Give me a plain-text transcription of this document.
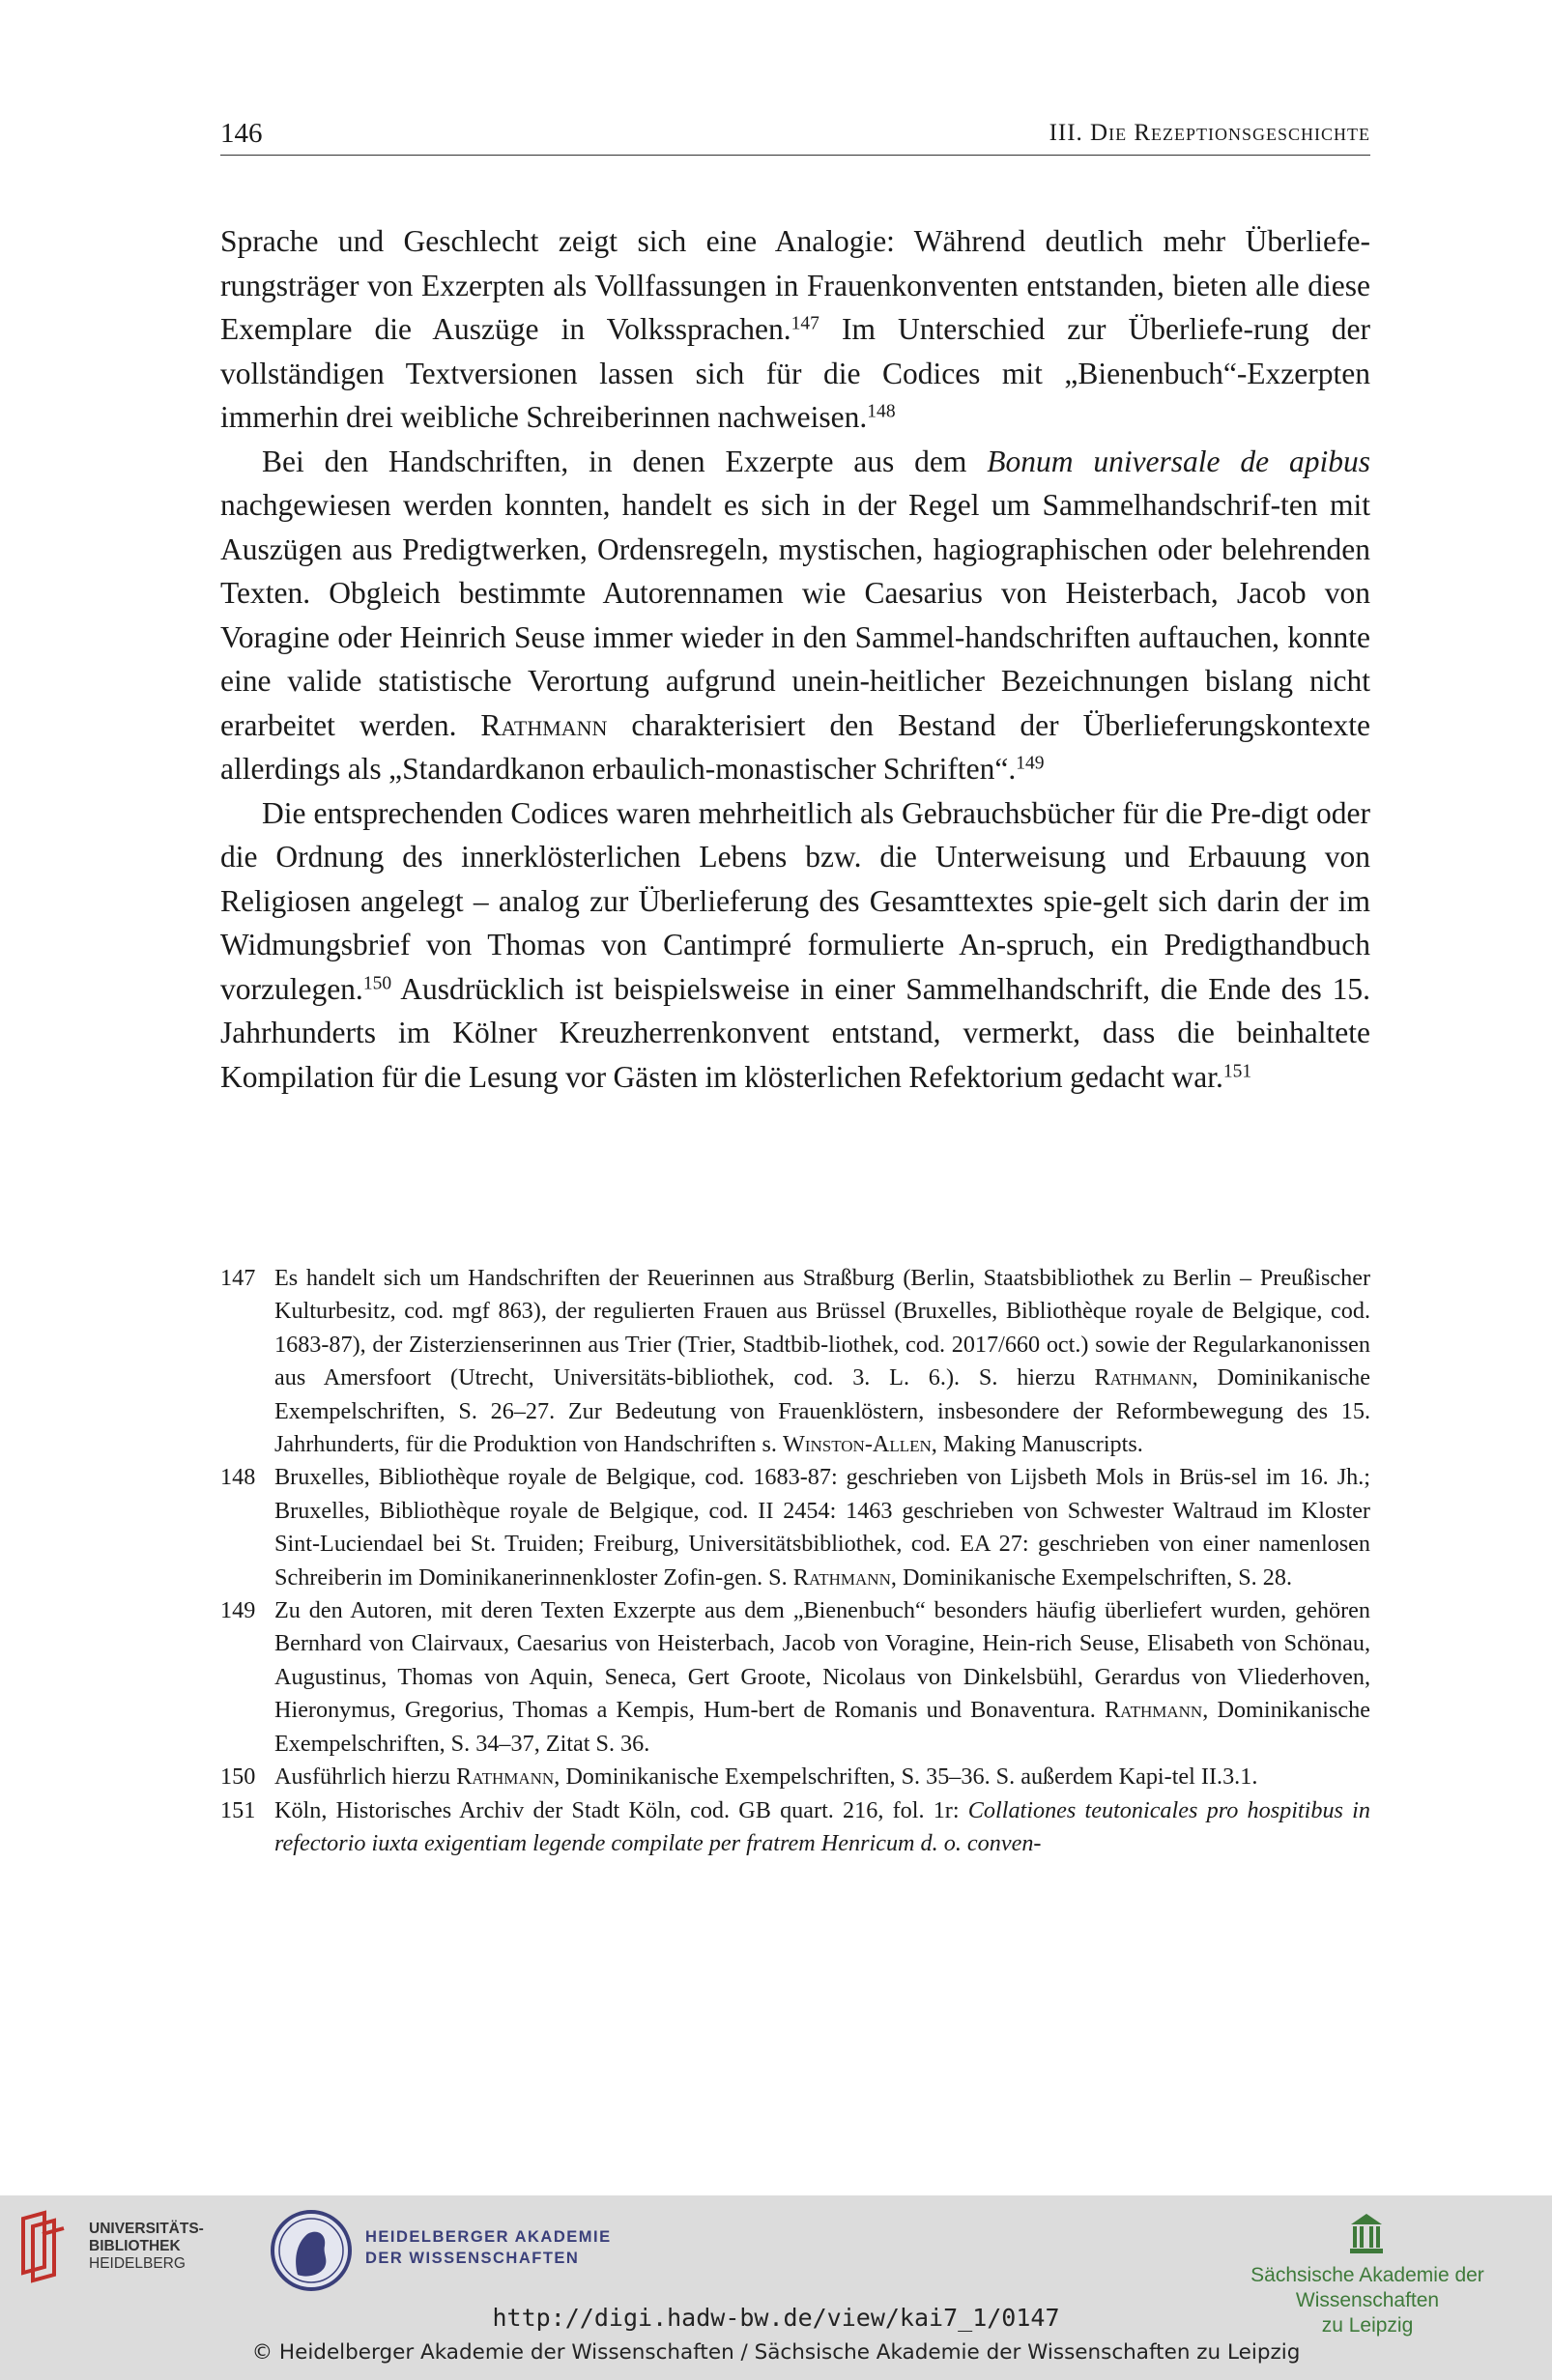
146	III. Die Rezeptionsgeschichte

Sprache und Geschlecht zeigt sich eine Analogie: Während deutlich mehr Überliefe-rungsträger von Exzerpten als Vollfassungen in Frauenkonventen entstanden, bieten alle diese Exemplare die Auszüge in Volkssprachen.$^{147}$ Im Unterschied zur Überliefe-rung der vollständigen Textversionen lassen sich für die Codices mit „Bienenbuch“-Exzerpten immerhin drei weibliche Schreiberinnen nachweisen.$^{148}$

Bei den Handschriften, in denen Exzerpte aus dem Bonum universale de apibus nachgewiesen werden konnten, handelt es sich in der Regel um Sammelhandschrif-ten mit Auszügen aus Predigtwerken, Ordensregeln, mystischen, hagiographischen oder belehrenden Texten. Obgleich bestimmte Autorennamen wie Caesarius von Heisterbach, Jacob von Voragine oder Heinrich Seuse immer wieder in den Sammel-handschriften auftauchen, konnte eine valide statistische Verortung aufgrund unein-heitlicher Bezeichnungen bislang nicht erarbeitet werden. Rathmann charakterisiert den Bestand der Überlieferungskontexte allerdings als „Standardkanon erbaulich-monastischer Schriften“.$^{149}$

Die entsprechenden Codices waren mehrheitlich als Gebrauchsbücher für die Pre-digt oder die Ordnung des innerklösterlichen Lebens bzw. die Unterweisung und Erbauung von Religiosen angelegt – analog zur Überlieferung des Gesamttextes spie-gelt sich darin der im Widmungsbrief von Thomas von Cantimpré formulierte An-spruch, ein Predigthandbuch vorzulegen.$^{150}$ Ausdrücklich ist beispielsweise in einer Sammelhandschrift, die Ende des 15. Jahrhunderts im Kölner Kreuzherrenkonvent entstand, vermerkt, dass die beinhaltete Kompilation für die Lesung vor Gästen im klösterlichen Refektorium gedacht war.$^{151}$

147 Es handelt sich um Handschriften der Reuerinnen aus Straßburg (Berlin, Staatsbibliothek zu Berlin – Preußischer Kulturbesitz, cod. mgf 863), der regulierten Frauen aus Brüssel (Bruxelles, Bibliothèque royale de Belgique, cod. 1683-87), der Zisterzienserinnen aus Trier (Trier, Stadtbib-liothek, cod. 2017/660 oct.) sowie der Regularkanonissen aus Amersfoort (Utrecht, Universitäts-bibliothek, cod. 3. L. 6.). S. hierzu Rathmann, Dominikanische Exempelschriften, S. 26–27. Zur Bedeutung von Frauenklöstern, insbesondere der Reformbewegung des 15. Jahrhunderts, für die Produktion von Handschriften s. Winston-Allen, Making Manuscripts.
148 Bruxelles, Bibliothèque royale de Belgique, cod. 1683-87: geschrieben von Lijsbeth Mols in Brüs-sel im 16. Jh.; Bruxelles, Bibliothèque royale de Belgique, cod. II 2454: 1463 geschrieben von Schwester Waltraud im Kloster Sint-Luciendael bei St. Truiden; Freiburg, Universitätsbibliothek, cod. EA 27: geschrieben von einer namenlosen Schreiberin im Dominikanerinnenkloster Zofin-gen. S. Rathmann, Dominikanische Exempelschriften, S. 28.
149 Zu den Autoren, mit deren Texten Exzerpte aus dem „Bienenbuch“ besonders häufig überliefert wurden, gehören Bernhard von Clairvaux, Caesarius von Heisterbach, Jacob von Voragine, Hein-rich Seuse, Elisabeth von Schönau, Augustinus, Thomas von Aquin, Seneca, Gert Groote, Nicolaus von Dinkelsbühl, Gerardus von Vliederhoven, Hieronymus, Gregorius, Thomas a Kempis, Hum-bert de Romanis und Bonaventura. Rathmann, Dominikanische Exempelschriften, S. 34–37, Zitat S. 36.
150 Ausführlich hierzu Rathmann, Dominikanische Exempelschriften, S. 35–36. S. außerdem Kapi-tel II.3.1.
151 Köln, Historisches Archiv der Stadt Köln, cod. GB quart. 216, fol. 1r: Collationes teutonicales pro hospitibus in refectorio iuxta exigentiam legende compilate per fratrem Henricum d. o. conven-
UNIVERSITÄTS-
BIBLIOTHEK
HEIDELBERG
HEIDELBERGER AKADEMIE
DER WISSENSCHAFTEN
Sächsische Akademie der Wissenschaften
zu Leipzig
http://digi.hadw-bw.de/view/kai7_1/0147
© Heidelberger Akademie der Wissenschaften / Sächsische Akademie der Wissenschaften zu Leipzig
